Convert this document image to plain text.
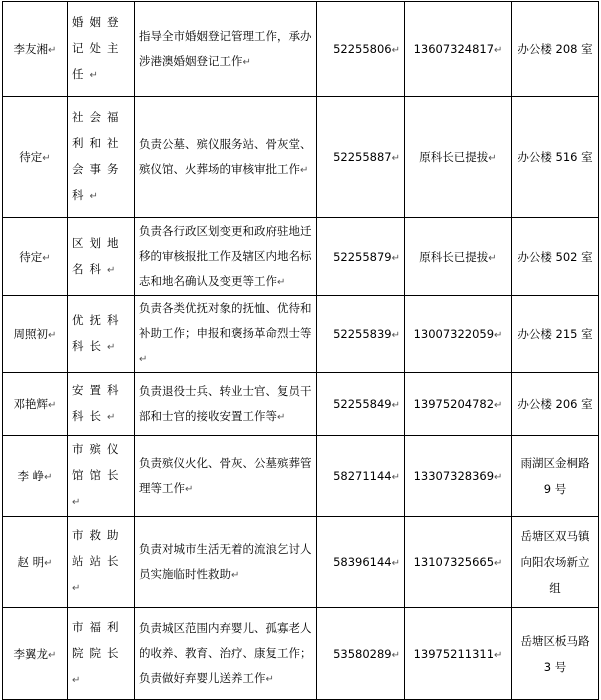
李友湘↵	婚姻登记处主任↵	指导全市婚姻登记管理工作，承办涉港澳婚姻登记工作↵	52255806↵	13607324817↵	办公楼 208 室
待定↵	社会福利和社会事务科↵	负责公墓、殡仪服务站、骨灰堂、殡仪馆、火葬场的审核审批工作↵	52255887↵	原科长已提拔↵	办公楼 516 室
待定↵	区划地名科↵	负责各行政区划变更和政府驻地迁移的审核报批工作及辖区内地名标志和地名确认及变更等工作↵	52255879↵	原科长已提拔↵	办公楼 502 室
周照初↵	优抚科科长↵	负责各类优抚对象的抚恤、优待和补助工作；申报和褒扬革命烈士等↵	52255839↵	13007322059↵	办公楼 215 室
邓艳辉↵	安置科科长↵	负责退役士兵、转业士官、复员干部和士官的接收安置工作等↵	52255849↵	13975204782↵	办公楼 206 室
李 峥↵	市殡仪馆馆长↵	负责殡仪火化、骨灰、公墓殡葬管理等工作↵	58271144↵	13307328369↵	雨湖区金桐路 9 号
赵 明↵	市救助站站长↵	负责对城市生活无着的流浪乞讨人员实施临时性救助↵	58396144↵	13107325665↵	岳塘区双马镇向阳农场新立组
李翼龙↵	市福利院院长↵	负责城区范围内弃婴儿、孤寡老人的收养、教育、治疗、康复工作；负责做好弃婴儿送养工作↵	53580289↵	13975211311↵	岳塘区板马路 3 号
